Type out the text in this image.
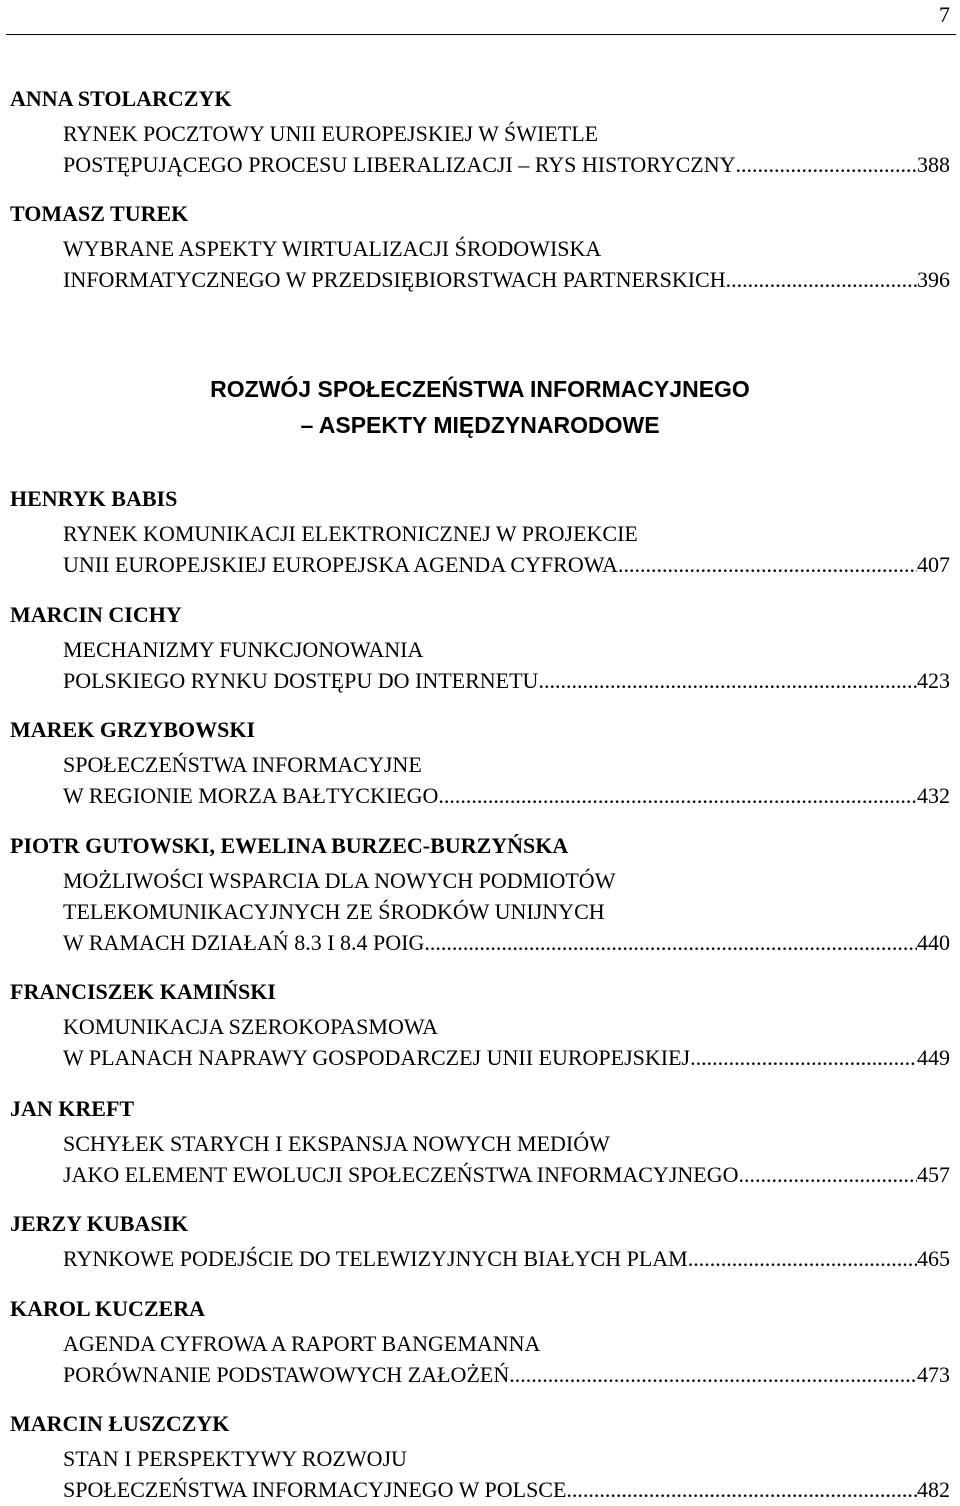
7
ANNA STOLARCZYK
RYNEK POCZTOWY UNII EUROPEJSKIEJ W ŚWIETLE
POSTĘPUJĄCEGO PROCESU LIBERALIZACJI – RYS HISTORYCZNY .....	388
TOMASZ TUREK
WYBRANE ASPEKTY WIRTUALIZACJI ŚRODOWISKA
INFORMATYCZNEGO W PRZEDSIĘBIORSTWACH PARTNERSKICH. .....	396
HENRYK BABIS
RYNEK KOMUNIKACJI ELEKTRONICZNEJ W PROJEKCIE
UNII EUROPEJSKIEJ EUROPEJSKA AGENDA CYFROWA .....	407
MARCIN CICHY
MECHANIZMY FUNKCJONOWANIA
POLSKIEGO RYNKU DOSTĘPU DO INTERNETU .....	423
MAREK GRZYBOWSKI
SPOŁECZEŃSTWA INFORMACYJNE
W REGIONIE MORZA BAŁTYCKIEGO .....	432
PIOTR GUTOWSKI, EWELINA BURZEC-BURZYŃSKA
MOŻLIWOŚCI WSPARCIA DLA NOWYCH PODMIOTÓW
TELEKOMUNIKACYJNYCH ZE ŚRODKÓW UNIJNYCH
W RAMACH DZIAŁAŃ 8.3 I 8.4 POIG .....	440
FRANCISZEK KAMIŃSKI
KOMUNIKACJA SZEROKOPASMOWA
W PLANACH NAPRAWY GOSPODARCZEJ UNII EUROPEJSKIEJ .....	449
JAN KREFT
SCHYŁEK STARYCH I EKSPANSJA NOWYCH MEDIÓW
JAKO ELEMENT EWOLUCJI SPOŁECZEŃSTWA INFORMACYJNEGO .....	457
JERZY KUBASIK
RYNKOWE PODEJŚCIE DO TELEWIZYJNYCH BIAŁYCH PLAM .....	465
KAROL KUCZERA
AGENDA CYFROWA A RAPORT BANGEMANNA
PORÓWNANIE PODSTAWOWYCH ZAŁOŻEŃ .....	473
MARCIN ŁUSZCZYK
STAN I PERSPEKTYWY ROZWOJU
SPOŁECZEŃSTWA INFORMACYJNEGO W POLSCE .....	482
ROZWÓJ SPOŁECZEŃSTWA INFORMACYJNEGO
– ASPEKTY MIĘDZYNARODOWE
